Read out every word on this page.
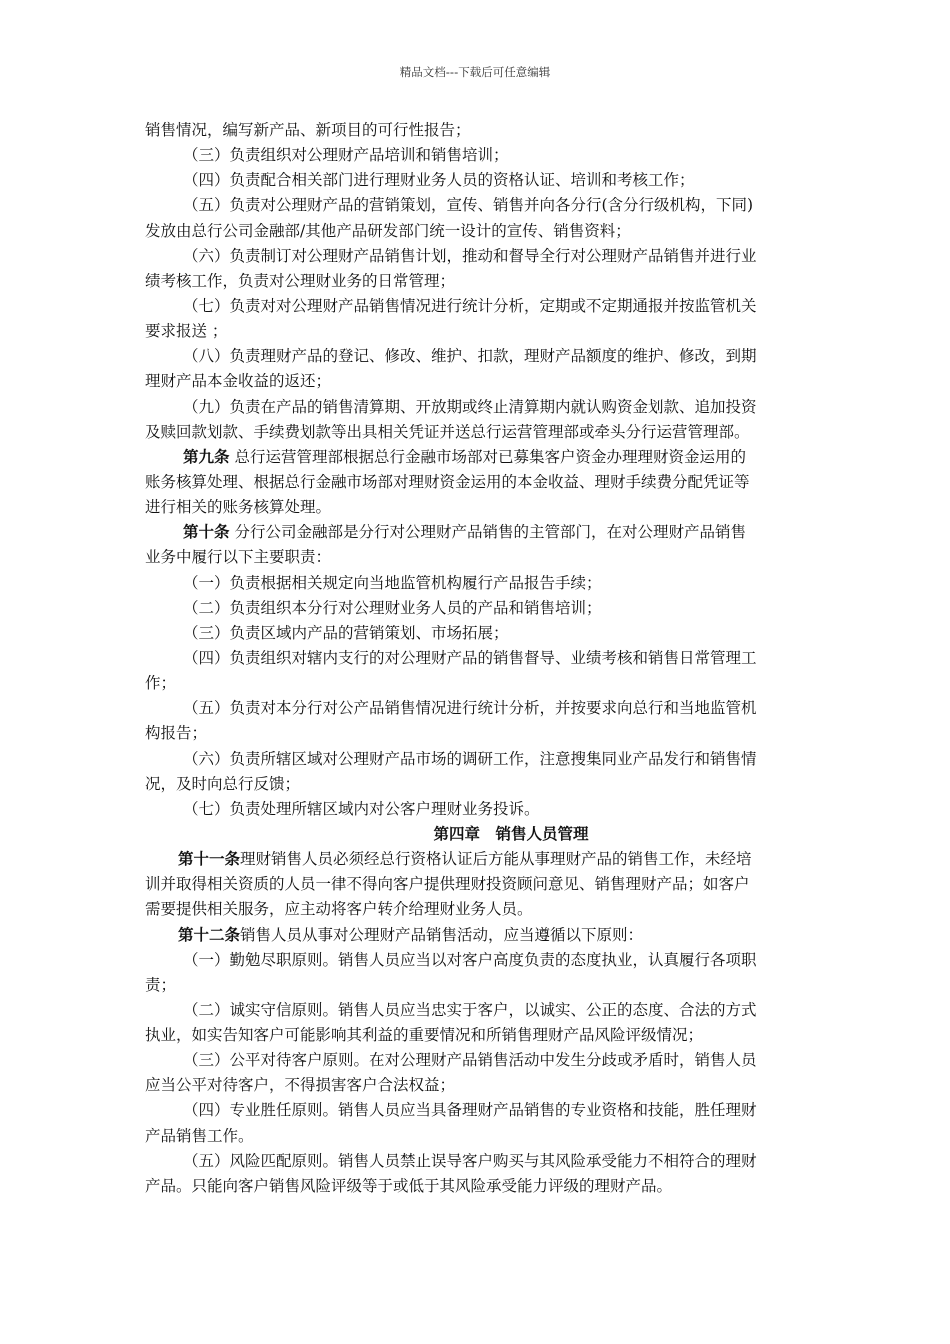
精品文档---下载后可任意编辑
销售情况，编写新产品、新项目的可行性报告；
（三）负责组织对公理财产品培训和销售培训；
（四）负责配合相关部门进行理财业务人员的资格认证、培训和考核工作；
（五）负责对公理财产品的营销策划，宣传、销售并向各分行(含分行级机构，下同)
发放由总行公司金融部/其他产品研发部门统一设计的宣传、销售资料；
（六）负责制订对公理财产品销售计划，推动和督导全行对公理财产品销售并进行业
绩考核工作，负责对公理财业务的日常管理；
（七）负责对对公理财产品销售情况进行统计分析，定期或不定期通报并按监管机关
要求报送 ；
（八）负责理财产品的登记、修改、维护、扣款，理财产品额度的维护、修改，到期
理财产品本金收益的返还；
（九）负责在产品的销售清算期、开放期或终止清算期内就认购资金划款、追加投资
及赎回款划款、手续费划款等出具相关凭证并送总行运营管理部或牵头分行运营管理部。
第九条 总行运营管理部根据总行金融市场部对已募集客户资金办理理财资金运用的
账务核算处理、根据总行金融市场部对理财资金运用的本金收益、理财手续费分配凭证等
进行相关的账务核算处理。
第十条 分行公司金融部是分行对公理财产品销售的主管部门，在对公理财产品销售
业务中履行以下主要职责：
（一）负责根据相关规定向当地监管机构履行产品报告手续；
（二）负责组织本分行对公理财业务人员的产品和销售培训；
（三）负责区域内产品的营销策划、市场拓展；
（四）负责组织对辖内支行的对公理财产品的销售督导、业绩考核和销售日常管理工
作；
（五）负责对本分行对公产品销售情况进行统计分析，并按要求向总行和当地监管机
构报告；
（六）负责所辖区域对公理财产品市场的调研工作，注意搜集同业产品发行和销售情
况，及时向总行反馈；
（七）负责处理所辖区域内对公客户理财业务投诉。
第四章　销售人员管理
第十一条理财销售人员必须经总行资格认证后方能从事理财产品的销售工作，未经培
训并取得相关资质的人员一律不得向客户提供理财投资顾问意见、销售理财产品；如客户
需要提供相关服务，应主动将客户转介给理财业务人员。
第十二条销售人员从事对公理财产品销售活动，应当遵循以下原则：
（一）勤勉尽职原则。销售人员应当以对客户高度负责的态度执业，认真履行各项职
责；
（二）诚实守信原则。销售人员应当忠实于客户，以诚实、公正的态度、合法的方式
执业，如实告知客户可能影响其利益的重要情况和所销售理财产品风险评级情况；
（三）公平对待客户原则。在对公理财产品销售活动中发生分歧或矛盾时，销售人员
应当公平对待客户，不得损害客户合法权益；
（四）专业胜任原则。销售人员应当具备理财产品销售的专业资格和技能，胜任理财
产品销售工作。
（五）风险匹配原则。销售人员禁止误导客户购买与其风险承受能力不相符合的理财
产品。只能向客户销售风险评级等于或低于其风险承受能力评级的理财产品。
